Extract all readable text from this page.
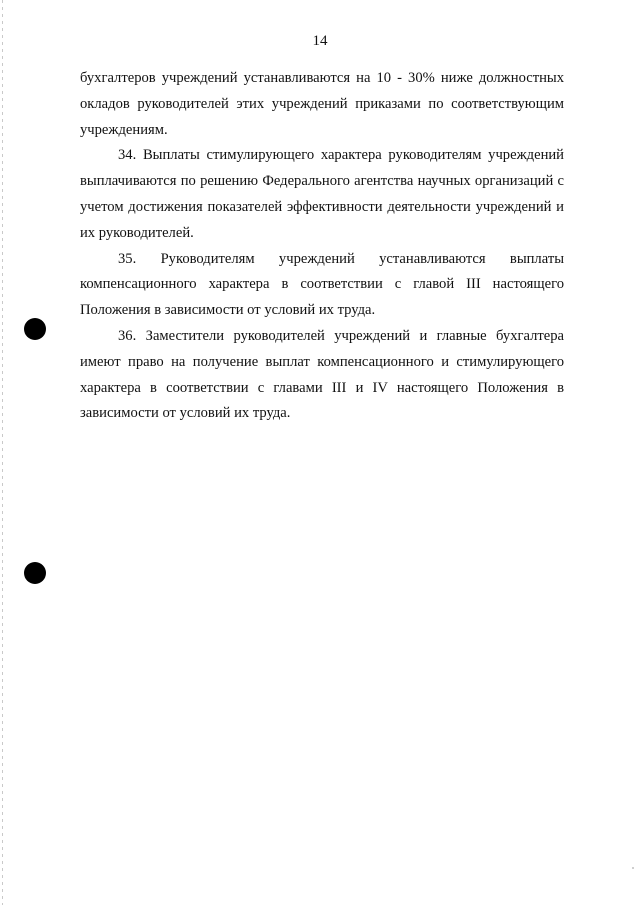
14

бухгалтеров учреждений устанавливаются на 10 - 30% ниже должностных окладов руководителей этих учреждений приказами по соответствующим учреждениям.

34. Выплаты стимулирующего характера руководителям учреждений выплачиваются по решению Федерального агентства научных организаций с учетом достижения показателей эффективности деятельности учреждений и их руководителей.

35. Руководителям учреждений устанавливаются выплаты компенсационного характера в соответствии с главой III настоящего Положения в зависимости от условий их труда.

36. Заместители руководителей учреждений и главные бухгалтера имеют право на получение выплат компенсационного и стимулирующего характера в соответствии с главами III и IV настоящего Положения в зависимости от условий их труда.
